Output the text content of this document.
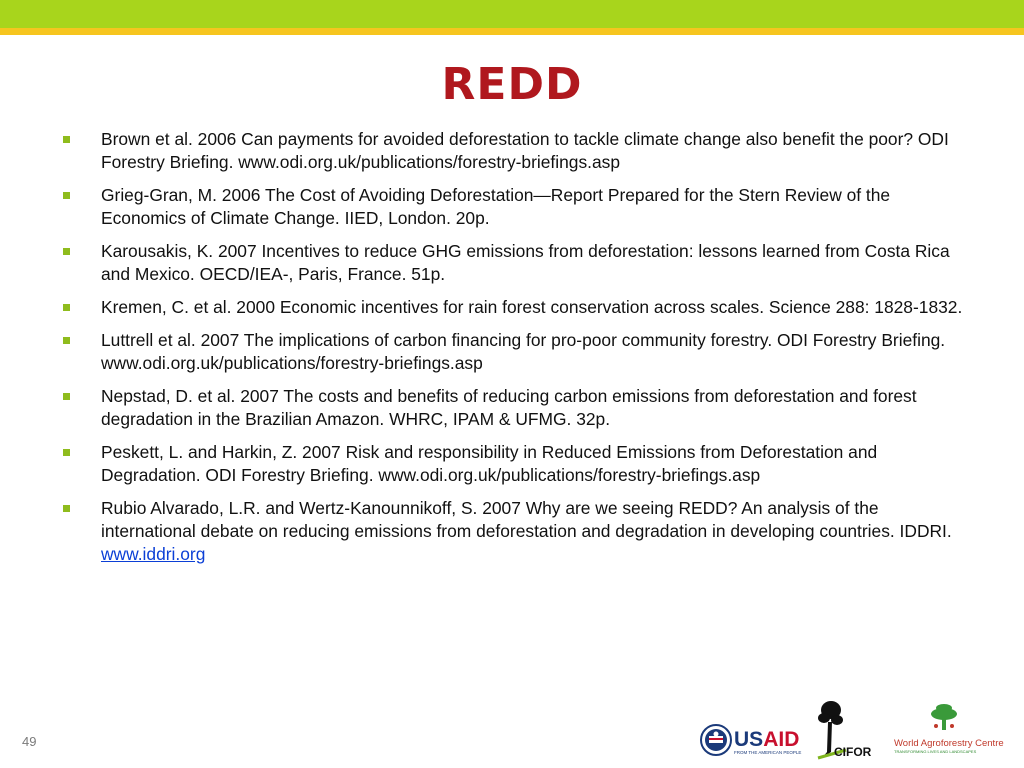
REDD
Brown et al. 2006 Can payments for avoided deforestation to tackle climate change also benefit the poor? ODI Forestry Briefing. www.odi.org.uk/publications/forestry-briefings.asp
Grieg-Gran, M. 2006 The Cost of Avoiding Deforestation—Report Prepared for the Stern Review of the Economics of Climate Change. IIED, London. 20p.
Karousakis, K. 2007 Incentives to reduce GHG emissions from deforestation: lessons learned from Costa Rica and Mexico. OECD/IEA-, Paris, France. 51p.
Kremen, C. et al. 2000 Economic incentives for rain forest conservation across scales. Science 288: 1828-1832.
Luttrell et al. 2007 The implications of carbon financing for pro-poor community forestry. ODI Forestry Briefing. www.odi.org.uk/publications/forestry-briefings.asp
Nepstad, D. et al. 2007 The costs and benefits of reducing carbon emissions from deforestation and forest degradation in the Brazilian Amazon. WHRC, IPAM & UFMG. 32p.
Peskett, L. and Harkin, Z. 2007 Risk and responsibility in Reduced Emissions from Deforestation and Degradation. ODI Forestry Briefing. www.odi.org.uk/publications/forestry-briefings.asp
Rubio Alvarado, L.R. and Wertz-Kanounnikoff, S. 2007 Why are we seeing REDD? An analysis of the international debate on reducing emissions from deforestation and degradation in developing countries. IDDRI. www.iddri.org
49	USAID
FROM THE AMERICAN PEOPLE	CIFOR
World Agroforestry Centre
TRANSFORMING LIVES AND LANDSCAPES
